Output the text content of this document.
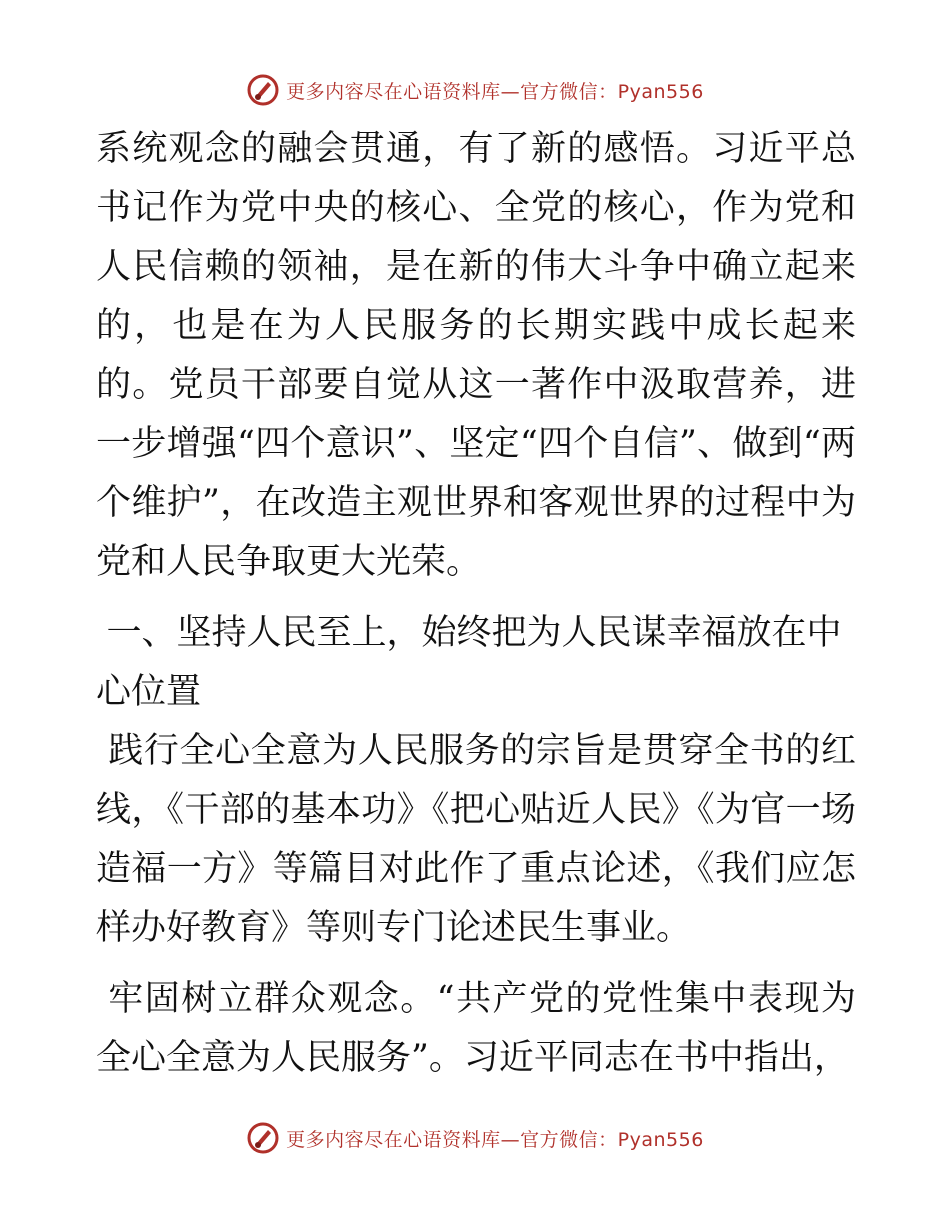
更多内容尽在心语资料库—官方微信：Pyan556

系统观念的融会贯通，有了新的感悟。习近平总书记作为党中央的核心、全党的核心，作为党和人民信赖的领袖，是在新的伟大斗争中确立起来的，也是在为人民服务的长期实践中成长起来的。党员干部要自觉从这一著作中汲取营养，进一步增强“四个意识”、坚定“四个自信”、做到“两个维护”，在改造主观世界和客观世界的过程中为党和人民争取更大光荣。

一、坚持人民至上，始终把为人民谋幸福放在中心位置

践行全心全意为人民服务的宗旨是贯穿全书的红线，《干部的基本功》《把心贴近人民》《为官一场造福一方》等篇目对此作了重点论述，《我们应怎样办好教育》等则专门论述民生事业。

牢固树立群众观念。“共产党的党性集中表现为全心全意为人民服务”。习近平同志在书中指出，

更多内容尽在心语资料库—官方微信：Pyan556
